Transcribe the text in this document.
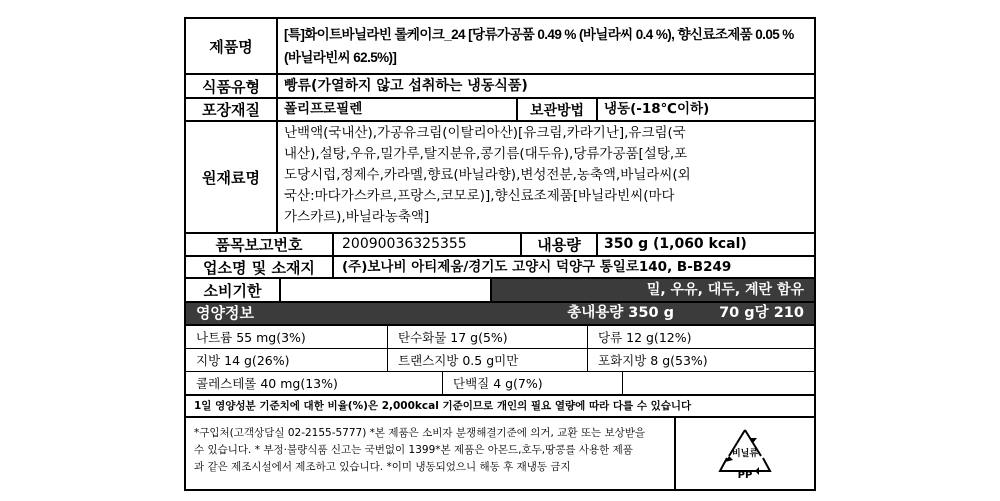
제품명
[특]화이트바닐라빈 롤케이크_24 [당류가공품 0.49 % (바닐라씨 0.4 %), 향신료조제품 0.05 %
(바닐라빈씨 62.5%)]
식품유형	빵류(가열하지 않고 섭취하는 냉동식품)
포장재질	폴리프로필렌	보관방법	냉동(-18℃이하)
원재료명
난백액(국내산),가공유크림(이탈리아산)[유크림,카라기난],유크림(국
내산),설탕,우유,밀가루,탈지분유,콩기름(대두유),당류가공품[설탕,포
도당시럽,정제수,카라멜,향료(바닐라향),변성전분,농축액,바닐라씨(외
국산:마다가스카르,프랑스,코모로)],향신료조제품[바닐라빈씨(마다
가스카르),바닐라농축액]
품목보고번호	20090036325355	내용량	350 g (1,060 kcal)
업소명 및 소재지	(주)보나비 아티제움/경기도 고양시 덕양구 통일로140, B-B249
소비기한	밀, 우유, 대두, 계란 함유
영양정보	총내용량 350 g	70 g당 210 kcal
나트륨 55 mg(3%)	탄수화물 17 g(5%)	당류 12 g(12%)
지방 14 g(26%)	트랜스지방 0.5 g미만	포화지방 8 g(53%)
콜레스테롤 40 mg(13%)	단백질 4 g(7%)
1일 영양성분 기준치에 대한 비율(%)은 2,000kcal 기준이므로 개인의 필요 열량에 따라 다를 수 있습니다
*구입처(고객상담실 02-2155-5777) *본 제품은 소비자 분쟁해결기준에 의거, 교환 또는 보상받을
수 있습니다. * 부정·불량식품 신고는 국번없이 1399*본 제품은 아몬드,호두,땅콩를 사용한 제품
과 같은 제조시설에서 제조하고 있습니다. *이미 냉동되었으니 해동 후 재냉동 금지
비닐류
PP
